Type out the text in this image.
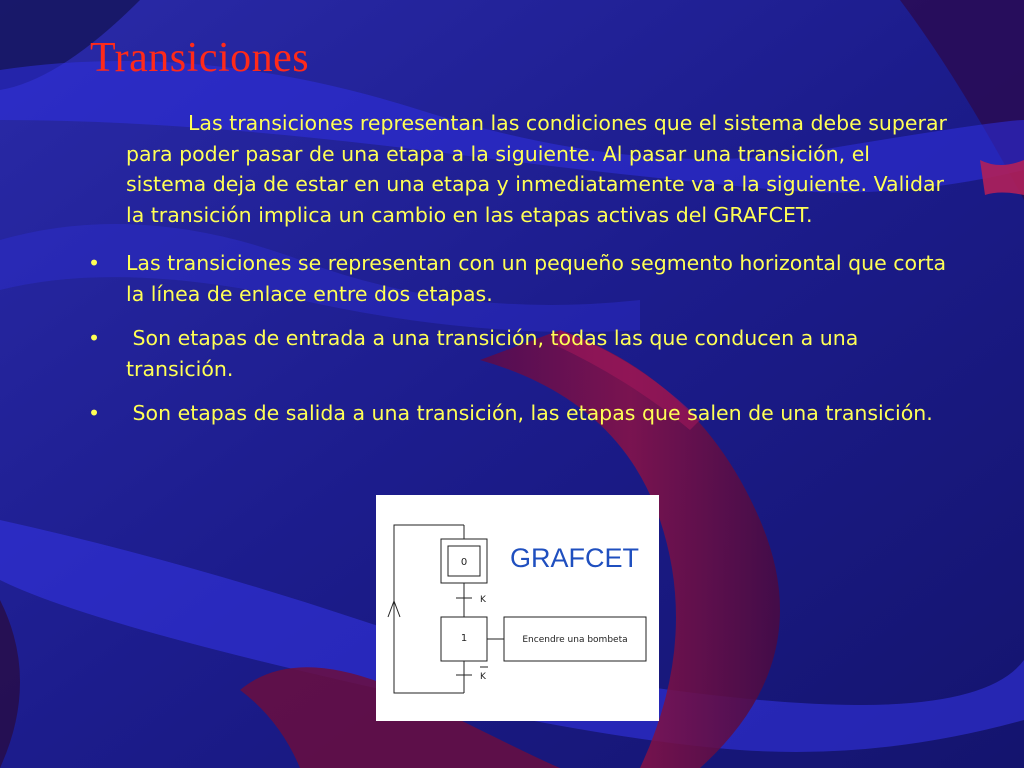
Transiciones

Las transiciones representan las condiciones que el sistema debe superar para poder pasar de una etapa a la siguiente. Al pasar una transición, el sistema deja de estar en una etapa y inmediatamente va a la siguiente. Validar la transición implica un cambio en las etapas activas del GRAFCET.

•	Las transiciones se representan con un pequeño segmento horizontal que corta la línea de enlace entre dos etapas.
•	Son etapas de entrada a una transición, todas las que conducen a una transición.
•	Son etapas de salida a una transición, las etapas que salen de una transición.
0
K
1	Encendre una bombeta
K
GRAFCET
